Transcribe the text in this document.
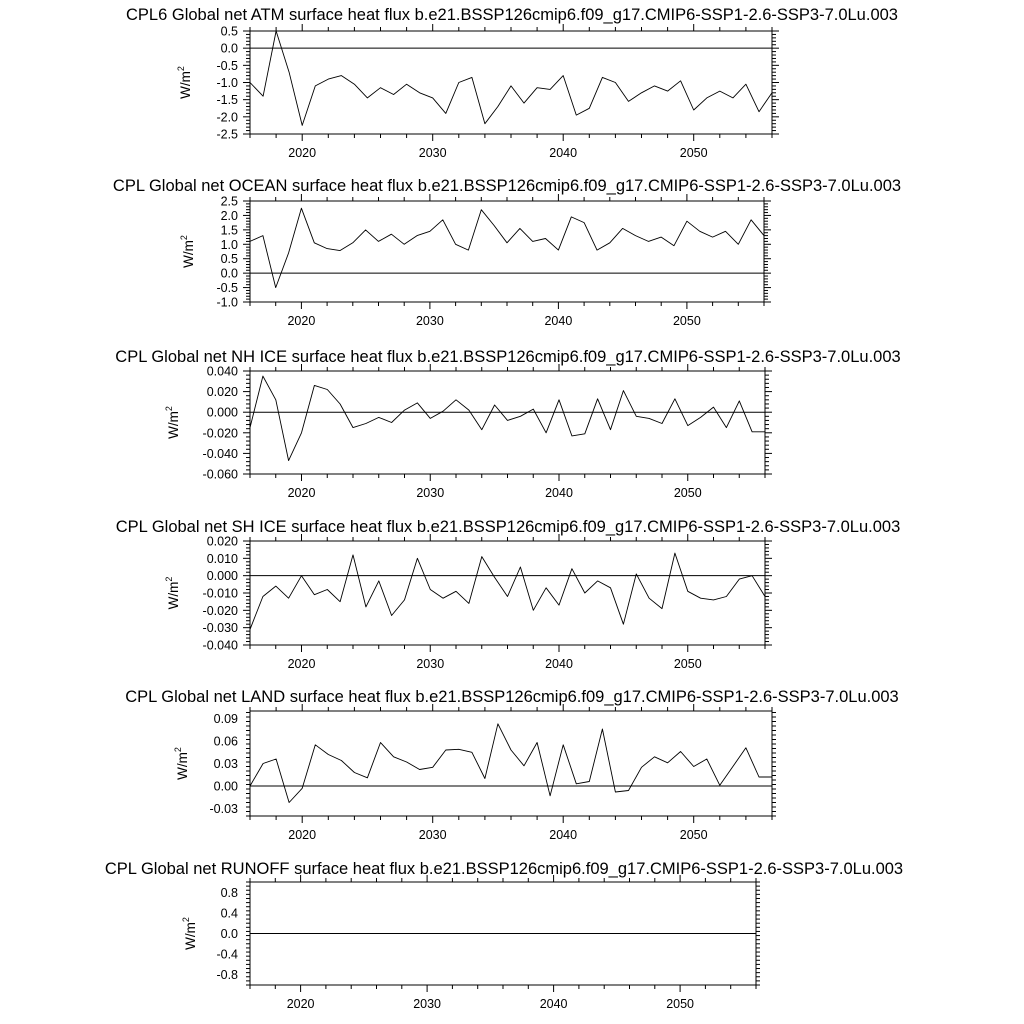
CPL6 Global net ATM surface heat flux b.e21.BSSP126cmip6.f09_g17.CMIP6-SSP1-2.6-SSP3-7.0Lu.003
2020	2030	2040	2050
0.5
0.0
-0.5
-1.0
-1.5
-2.0
-2.5
$W/m^2$
CPL Global net OCEAN surface heat flux b.e21.BSSP126cmip6.f09_g17.CMIP6-SSP1-2.6-SSP3-7.0Lu.003
2020	2030	2040	2050
2.5
2.0
1.5
1.0
0.5
0.0
-0.5
-1.0
$W/m^2$
CPL Global net NH ICE surface heat flux b.e21.BSSP126cmip6.f09_g17.CMIP6-SSP1-2.6-SSP3-7.0Lu.003
2020	2030	2040	2050
0.040
0.020
0.000
-0.020
-0.040
-0.060
$W/m^2$
CPL Global net SH ICE surface heat flux b.e21.BSSP126cmip6.f09_g17.CMIP6-SSP1-2.6-SSP3-7.0Lu.003
2020	2030	2040	2050
0.020
0.010
0.000
-0.010
-0.020
-0.030
-0.040
$W/m^2$
CPL Global net LAND surface heat flux b.e21.BSSP126cmip6.f09_g17.CMIP6-SSP1-2.6-SSP3-7.0Lu.003
2020	2030	2040	2050
0.09
0.06
0.03
0.00
-0.03
$W/m^2$
CPL Global net RUNOFF surface heat flux b.e21.BSSP126cmip6.f09_g17.CMIP6-SSP1-2.6-SSP3-7.0Lu.003
2020	2030	2040	2050
0.8
0.4
0.0
-0.4
-0.8
$W/m^2$
